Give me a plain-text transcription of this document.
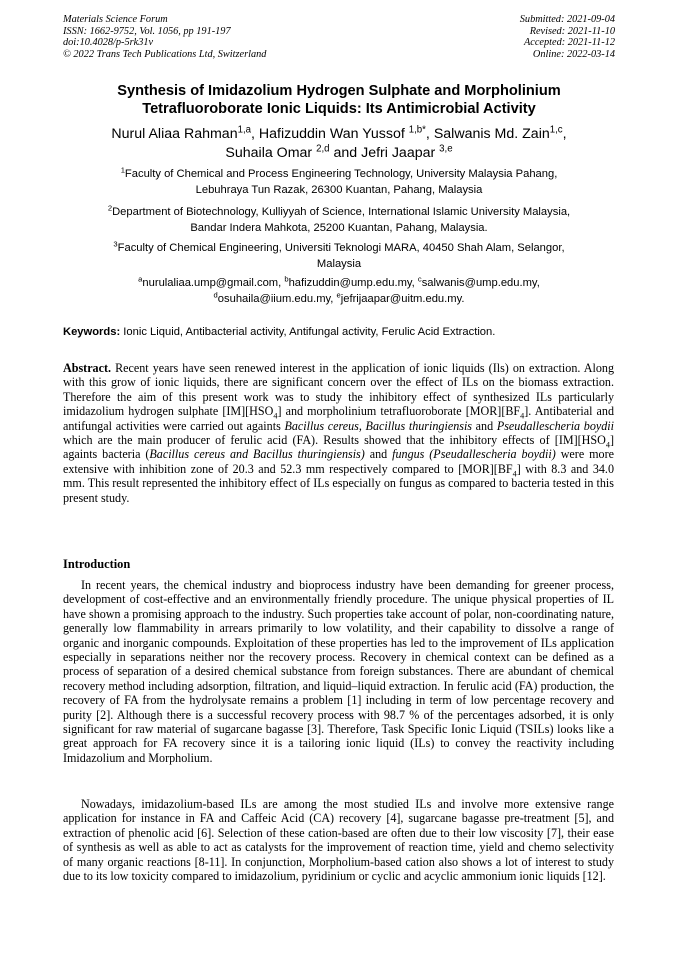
Materials Science Forum
ISSN: 1662-9752, Vol. 1056, pp 191-197
doi:10.4028/p-5rk31v
© 2022 Trans Tech Publications Ltd, Switzerland
Submitted: 2021-09-04
Revised: 2021-11-10
Accepted: 2021-11-12
Online: 2022-03-14
Synthesis of Imidazolium Hydrogen Sulphate and Morpholinium
Tetrafluoroborate Ionic Liquids: Its Antimicrobial Activity
Nurul Aliaa Rahman$^{1,a}$, Hafizuddin Wan Yussof $^{1,b*}$, Salwanis Md. Zain$^{1,c}$,
Suhaila Omar $^{2,d}$ and Jefri Jaapar $^{3,e}$
$^1$Faculty of Chemical and Process Engineering Technology, University Malaysia Pahang,
Lebuhraya Tun Razak, 26300 Kuantan, Pahang, Malaysia
$^2$Department of Biotechnology, Kulliyyah of Science, International Islamic University Malaysia,
Bandar Indera Mahkota, 25200 Kuantan, Pahang, Malaysia.
$^3$Faculty of Chemical Engineering, Universiti Teknologi MARA, 40450 Shah Alam, Selangor,
Malaysia
$^a$nurulaliaa.ump@gmail.com, $^b$hafizuddin@ump.edu.my, $^c$salwanis@ump.edu.my,
$^d$osuhaila@iium.edu.my, $^e$jefrijaapar@uitm.edu.my.
Keywords: Ionic Liquid, Antibacterial activity, Antifungal activity, Ferulic Acid Extraction.
Abstract. Recent years have seen renewed interest in the application of ionic liquids (Ils) on extraction. Along with this grow of ionic liquids, there are significant concern over the effect of ILs on the biomass extraction. Therefore the aim of this present work was to study the inhibitory effect of synthesized ILs particularly imidazolium hydrogen sulphate $[IM][HSO_4]$ and morpholinium tetrafluoroborate $[MOR][BF_4]$. Antibaterial and antifungal activities were carried out againts Bacillus cereus, Bacillus thuringiensis and Pseudallescheria boydii which are the main producer of ferulic acid (FA). Results showed that the inhibitory effects of $[IM][HSO_4]$ againts bacteria (Bacillus cereus and Bacillus thuringiensis) and fungus (Pseudallescheria boydii) were more extensive with inhibition zone of 20.3 and 52.3 mm respectively compared to $[MOR][BF_4]$ with 8.3 and 34.0 mm. This result represented the inhibitory effect of ILs especially on fungus as compared to bacteria tested in this present study.
Introduction
In recent years, the chemical industry and bioprocess industry have been demanding for greener process, development of cost-effective and an environmentally friendly procedure. The unique physical properties of IL have shown a promising approach to the industry. Such properties take account of polar, non-coordinating nature, generally low flammability in arrears primarily to low volatility, and their capability to dissolve a range of organic and inorganic compounds. Exploitation of these properties has led to the improvement of ILs application especially in separations neither nor the recovery process. Recovery in chemical context can be defined as a process of separation of a desired chemical substance from foreign substances. There are abundant of chemical recovery method including adsorption, filtration, and liquid–liquid extraction. In ferulic acid (FA) production, the recovery of FA from the hydrolysate remains a problem [1] including in term of low percentage recovery and purity [2]. Although there is a successful recovery process with 98.7 % of the percentages adsorbed, it is only significant for raw material of sugarcane bagasse [3]. Therefore, Task Specific Ionic Liquid (TSILs) looks like a great approach for FA recovery since it is a tailoring ionic liquid (ILs) to convey the reactivity including Imidazolium and Morpholium.
Nowadays, imidazolium-based ILs are among the most studied ILs and involve more extensive range application for instance in FA and Caffeic Acid (CA) recovery [4], sugarcane bagasse pre-treatment [5], and extraction of phenolic acid [6]. Selection of these cation-based are often due to their low viscosity [7], their ease of synthesis as well as able to act as catalysts for the improvement of reaction time, yield and chemo selectivity of many organic reactions [8-11]. In conjunction, Morpholium-based cation also shows a lot of interest to study due to its low toxicity compared to imidazolium, pyridinium or cyclic and acyclic ammonium ionic liquids [12].
